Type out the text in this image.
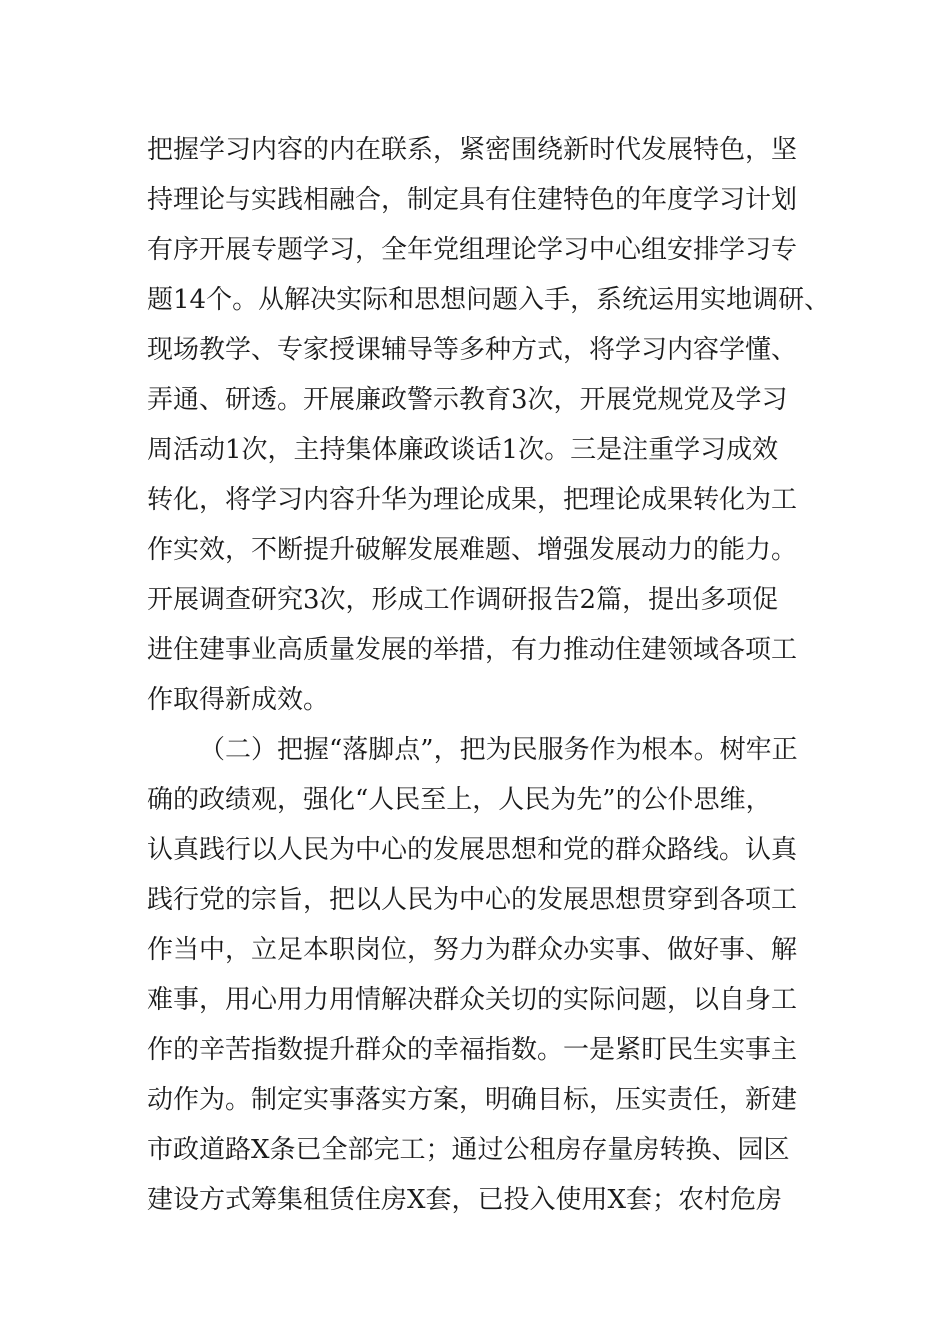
把握学习内容的内在联系，紧密围绕新时代发展特色，坚

持理论与实践相融合，制定具有住建特色的年度学习计划

有序开展专题学习，全年党组理论学习中心组安排学习专

题14个。从解决实际和思想问题入手，系统运用实地调研、

现场教学、专家授课辅导等多种方式，将学习内容学懂、

弄通、研透。开展廉政警示教育3次，开展党规党及学习

周活动1次，主持集体廉政谈话1次。三是注重学习成效

转化，将学习内容升华为理论成果，把理论成果转化为工

作实效，不断提升破解发展难题、增强发展动力的能力。

开展调查研究3次，形成工作调研报告2篇，提出多项促

进住建事业高质量发展的举措，有力推动住建领域各项工

作取得新成效。

（二）把握“落脚点”，把为民服务作为根本。树牢正

确的政绩观，强化“人民至上，人民为先”的公仆思维，

认真践行以人民为中心的发展思想和党的群众路线。认真

践行党的宗旨，把以人民为中心的发展思想贯穿到各项工

作当中，立足本职岗位，努力为群众办实事、做好事、解

难事，用心用力用情解决群众关切的实际问题，以自身工

作的辛苦指数提升群众的幸福指数。一是紧盯民生实事主

动作为。制定实事落实方案，明确目标，压实责任，新建

市政道路X条已全部完工；通过公租房存量房转换、园区

建设方式筹集租赁住房X套，已投入使用X套；农村危房
